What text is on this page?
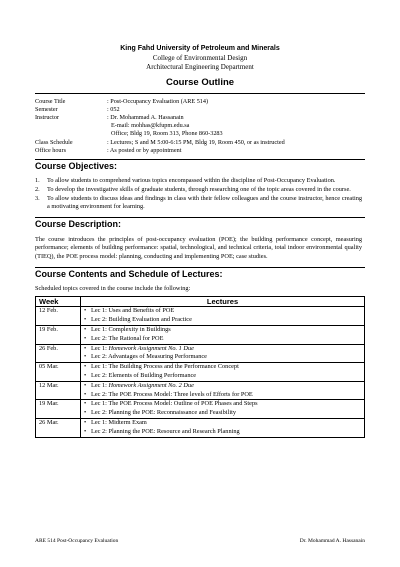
King Fahd University of Petroleum and Minerals
College of Environmental Design
Architectural Engineering Department
Course Outline
Course Title	: Post-Occupancy Evaluation (ARE 514)
Semester	: 052
Instructor	: Dr. Mohammad A. Hassanain
E-mail: mohhas@kfupm.edu.sa
Office; Bldg 19, Room 313, Phone 860-3283
Class Schedule	: Lectures; S and M 5:00-6:15 PM, Bldg 19, Room 450, or as instructed
Office hours	: As posted or by appointment
Course Objectives:
1.	To allow students to comprehend various topics encompassed within the discipline of Post-Occupancy Evaluation.
2.	To develop the investigative skills of graduate students, through researching one of the topic areas covered in the course.
3.	To allow students to discuss ideas and findings in class with their fellow colleagues and the course instructor, hence creating a motivating environment for learning.
Course Description:
The course introduces the principles of post-occupancy evaluation (POE); the building performance concept, measuring performance; elements of building performance: spatial, technological, and technical criteria, total indoor environmental quality (TIEQ), the POE process model: planning, conducting and implementing POE; case studies.
Course Contents and Schedule of Lectures:
Scheduled topics covered in the course include the following:
Week	Lectures
12 Feb.	• Lec 1: Uses and Benefits of POE
• Lec 2: Building Evaluation and Practice

19 Feb.	• Lec 1: Complexity in Buildings
• Lec 2: The Rational for POE

26 Feb.	• Lec 1: Homework Assignment No. 1 Due
• Lec 2: Advantages of Measuring Performance

05 Mar.	• Lec 1: The Building Process and the Performance Concept
• Lec 2: Elements of Building Performance

12 Mar.	• Lec 1: Homework Assignment No. 2 Due
• Lec 2: The POE Process Model: Three levels of Efforts for POE

19 Mar.	• Lec 1: The POE Process Model: Outline of POE Phases and Steps
• Lec 2: Planning the POE: Reconnaissance and Feasibility

26 Mar.	• Lec 1: Midterm Exam
• Lec 2: Planning the POE: Resource and Research Planning
ARE 514 Post-Occupancy Evaluation	Dr. Mohammad A. Hassanain
